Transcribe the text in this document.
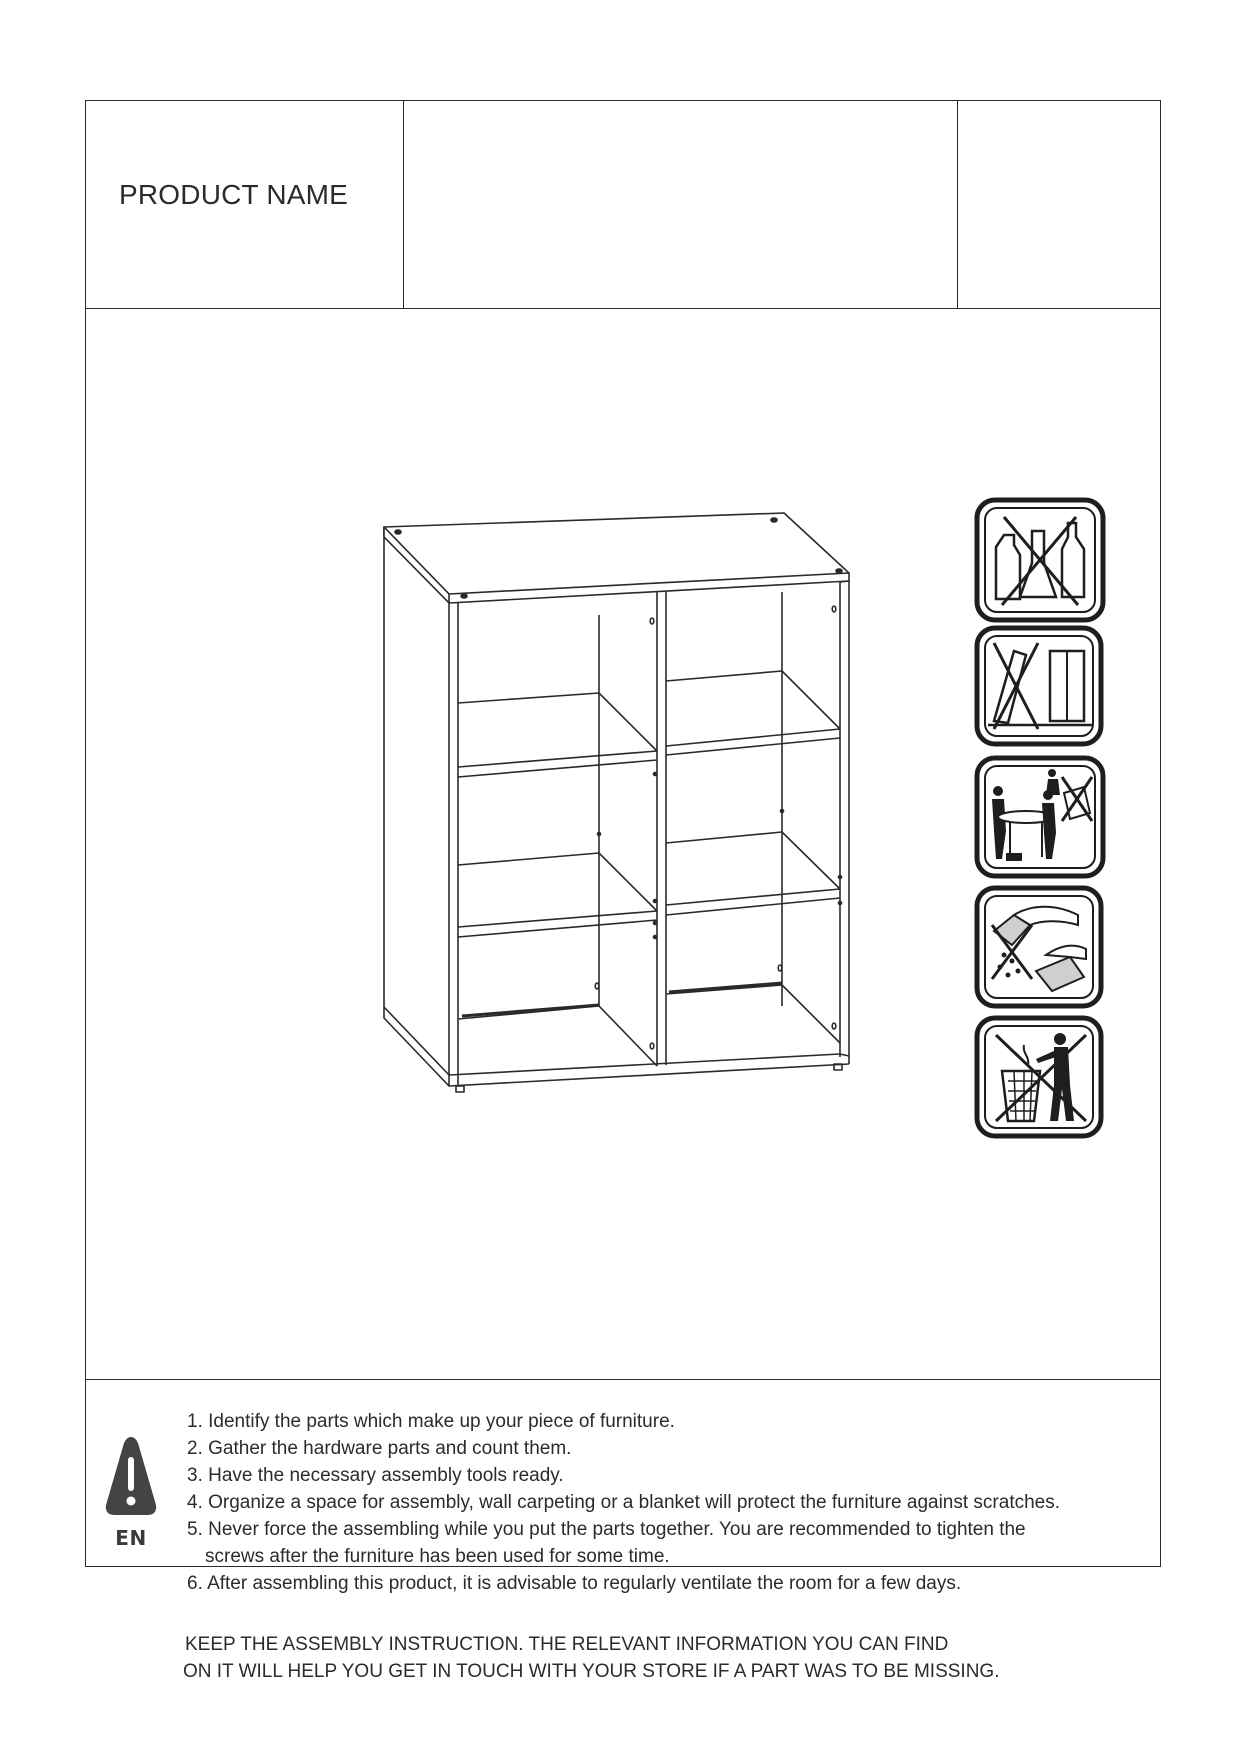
PRODUCT NAME
EN
1. Identify the parts which make up your piece of furniture.
2. Gather the hardware parts and count them.
3. Have the necessary assembly tools ready.
4. Organize a space for assembly, wall carpeting or a blanket will protect the furniture against scratches.
5. Never force the assembling while you put the parts together. You are recommended to tighten the
screws after the furniture has been used for some time.
6. After assembling this product, it is advisable to regularly ventilate the room for a few days.
KEEP THE ASSEMBLY INSTRUCTION. THE RELEVANT INFORMATION YOU CAN FIND
ON IT WILL HELP YOU GET IN TOUCH WITH YOUR STORE IF A PART WAS TO BE MISSING.
